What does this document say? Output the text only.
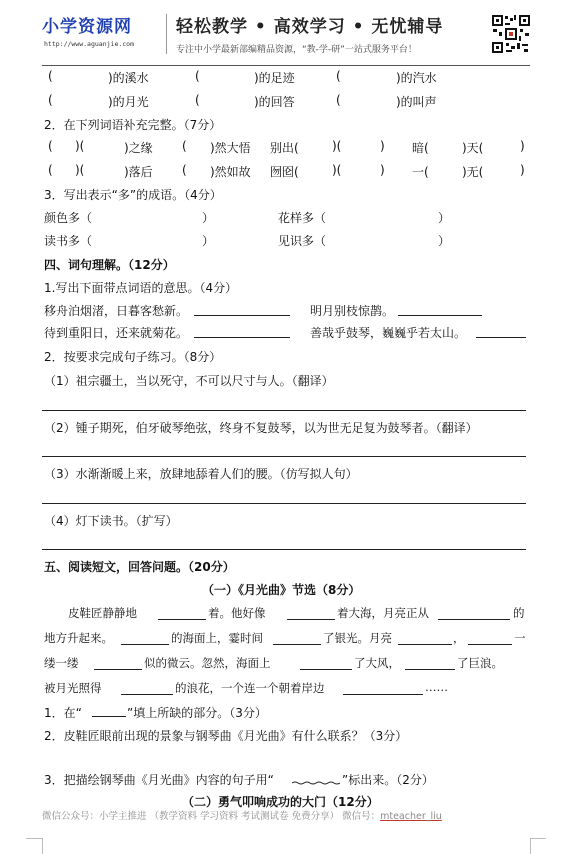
小学资源网
http://www.aguanjie.com
轻松教学 • 高效学习 • 无忧辅导
专注中小学最新部编精品资源，“教-学-研”一站式服务平台！
(	)的溪水	(	)的足迹	(	)的汽水
(	)的月光	(	)的回答	(	)的叫声
2．在下列词语补充完整。（7分）
( )(	)之缘 ( )然大悟 别出(	)(	) 暗(	)天(	)
( )(	)落后 ( )然如故 囫囵(	)(	) 一(	)无(	)
3．写出表示“多”的成语。（4分）
颜色多（	）	花样多（	）
读书多（	）	见识多（	）
四、词句理解。（12分）
1.写出下面带点词语的意思。（4分）
移舟泊烟渚，日暮客愁新。	明月别枝惊鹊。
待到重阳日，还来就菊花。	善哉乎鼓琴，巍巍乎若太山。
2．按要求完成句子练习。（8分）
（1）祖宗疆土，当以死守，不可以尺寸与人。（翻译）
（2）锺子期死，伯牙破琴绝弦，终身不复鼓琴，以为世无足复为鼓琴者。（翻译）
（3）水渐渐暖上来，放肆地舔着人们的腰。（仿写拟人句）
（4）灯下读书。（扩写）
五、阅读短文，回答问题。（20分）
（一）《月光曲》节选（8分）
皮鞋匠静静地	着。他好像	着大海，月亮正从	的
地方升起来。	的海面上，霎时间	了银光。月亮	，	一
缕一缕	似的微云。忽然，海面上	了大风，	了巨浪。
被月光照得	的浪花，一个连一个朝着岸边	……
1．在“	”填上所缺的部分。（3分）
2．皮鞋匠眼前出现的景象与钢琴曲《月光曲》有什么联系？（3分）
3．把描绘钢琴曲《月光曲》内容的句子用“	”标出来。（2分）
（二）勇气叩响成功的大门（12分）
微信公众号：小学主推进 （教学资料 学习资料 考试测试卷 免费分享） 微信号：mteacher_liu
